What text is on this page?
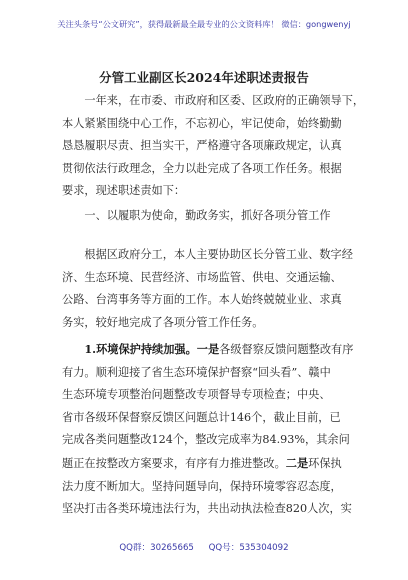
关注头条号“公文研究”，获得最新最全最专业的公文资料库！ 微信：gongwenyj
分管工业副区长2024年述职述责报告
一年来，在市委、市政府和区委、区政府的正确领导下，
本人紧紧围绕中心工作，不忘初心，牢记使命，始终勤勤
恳恳履职尽责、担当实干，严格遵守各项廉政规定，认真
贯彻依法行政理念，全力以赴完成了各项工作任务。根据
要求，现述职述责如下：
一、以履职为使命，勤政务实，抓好各项分管工作
根据区政府分工，本人主要协助区长分管工业、数字经
济、生态环境、民营经济、市场监管、供电、交通运输、
公路、台湾事务等方面的工作。本人始终兢兢业业、求真
务实，较好地完成了各项分管工作任务。
1.环境保护持续加强。一是各级督察反馈问题整改有序
有力。顺利迎接了省生态环境保护督察“回头看”、赣中
生态环境专项整治问题整改专项督导专项检查；中央、
省市各级环保督察反馈区问题总计146个，截止目前，已
完成各类问题整改124个，整改完成率为84.93%，其余问
题正在按整改方案要求，有序有力推进整改。二是环保执
法力度不断加大。坚持问题导向，保持环境零容忍态度，
坚决打击各类环境违法行为，共出动执法检查820人次，实
QQ群：30265665 QQ号：535304092
